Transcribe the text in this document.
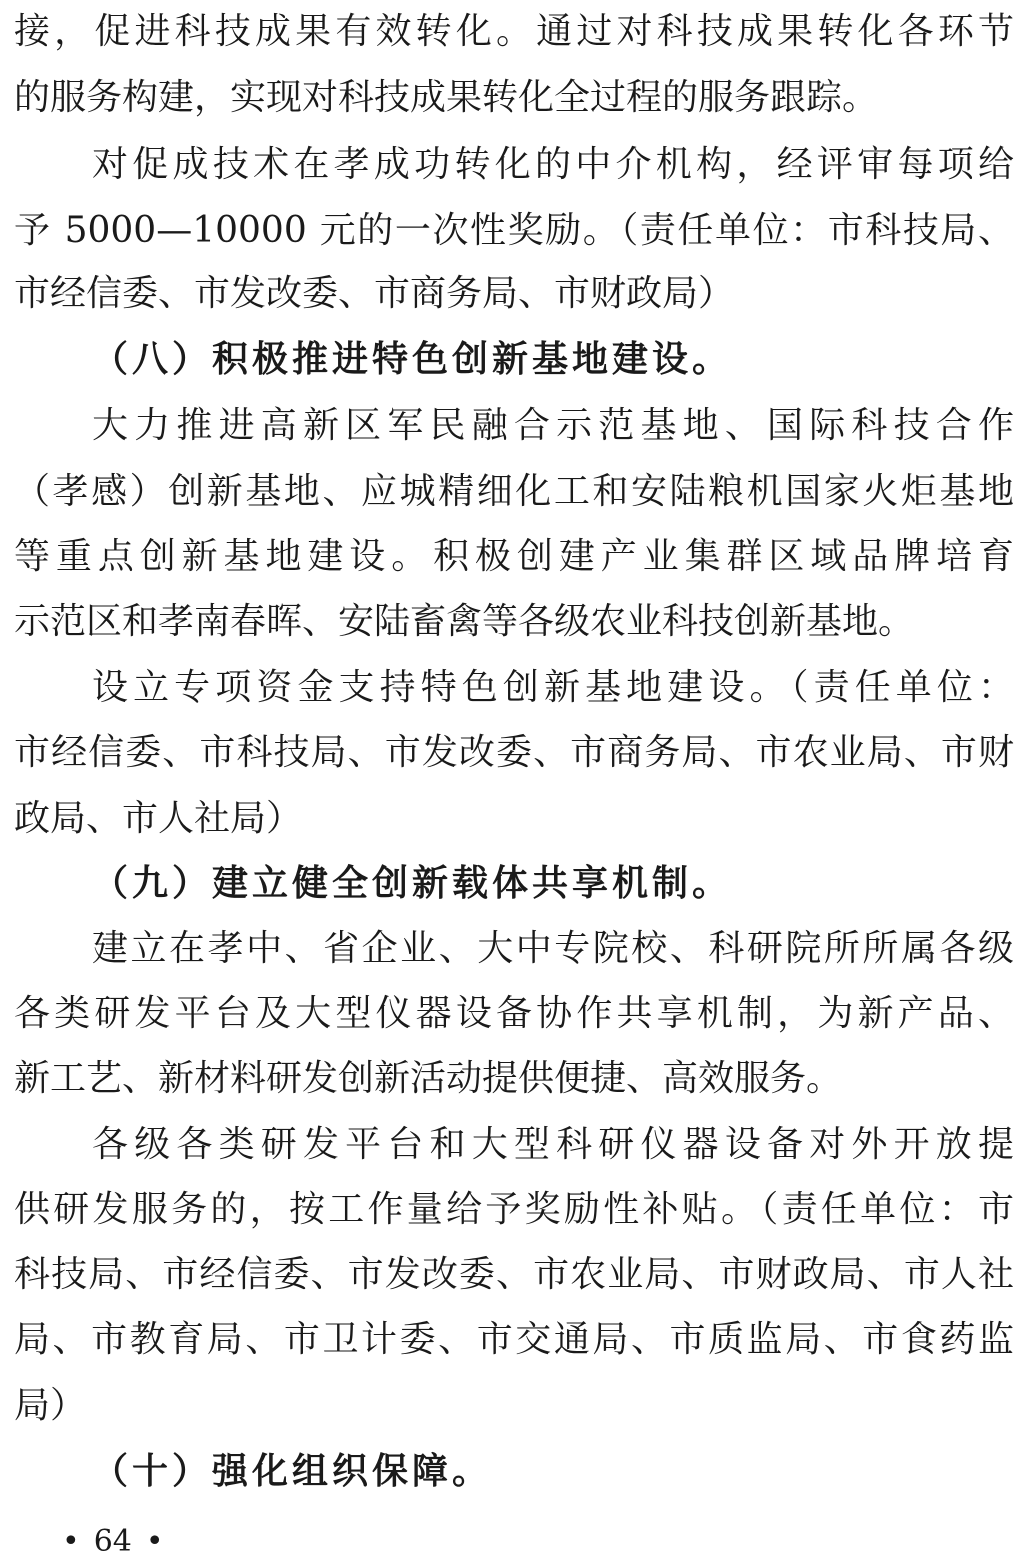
接，促进科技成果有效转化。通过对科技成果转化各环节
的服务构建，实现对科技成果转化全过程的服务跟踪。
对促成技术在孝成功转化的中介机构，经评审每项给
予 5000—10000 元的一次性奖励。（责任单位：市科技局、
市经信委、市发改委、市商务局、市财政局）
（八）积极推进特色创新基地建设。
大力推进高新区军民融合示范基地、国际科技合作
（孝感）创新基地、应城精细化工和安陆粮机国家火炬基地
等重点创新基地建设。积极创建产业集群区域品牌培育
示范区和孝南春晖、安陆畜禽等各级农业科技创新基地。
设立专项资金支持特色创新基地建设。（责任单位：
市经信委、市科技局、市发改委、市商务局、市农业局、市财
政局、市人社局）
（九）建立健全创新载体共享机制。
建立在孝中、省企业、大中专院校、科研院所所属各级
各类研发平台及大型仪器设备协作共享机制，为新产品、
新工艺、新材料研发创新活动提供便捷、高效服务。
各级各类研发平台和大型科研仪器设备对外开放提
供研发服务的，按工作量给予奖励性补贴。（责任单位：市
科技局、市经信委、市发改委、市农业局、市财政局、市人社
局、市教育局、市卫计委、市交通局、市质监局、市食药监
局）
（十）强化组织保障。
• 64 •
